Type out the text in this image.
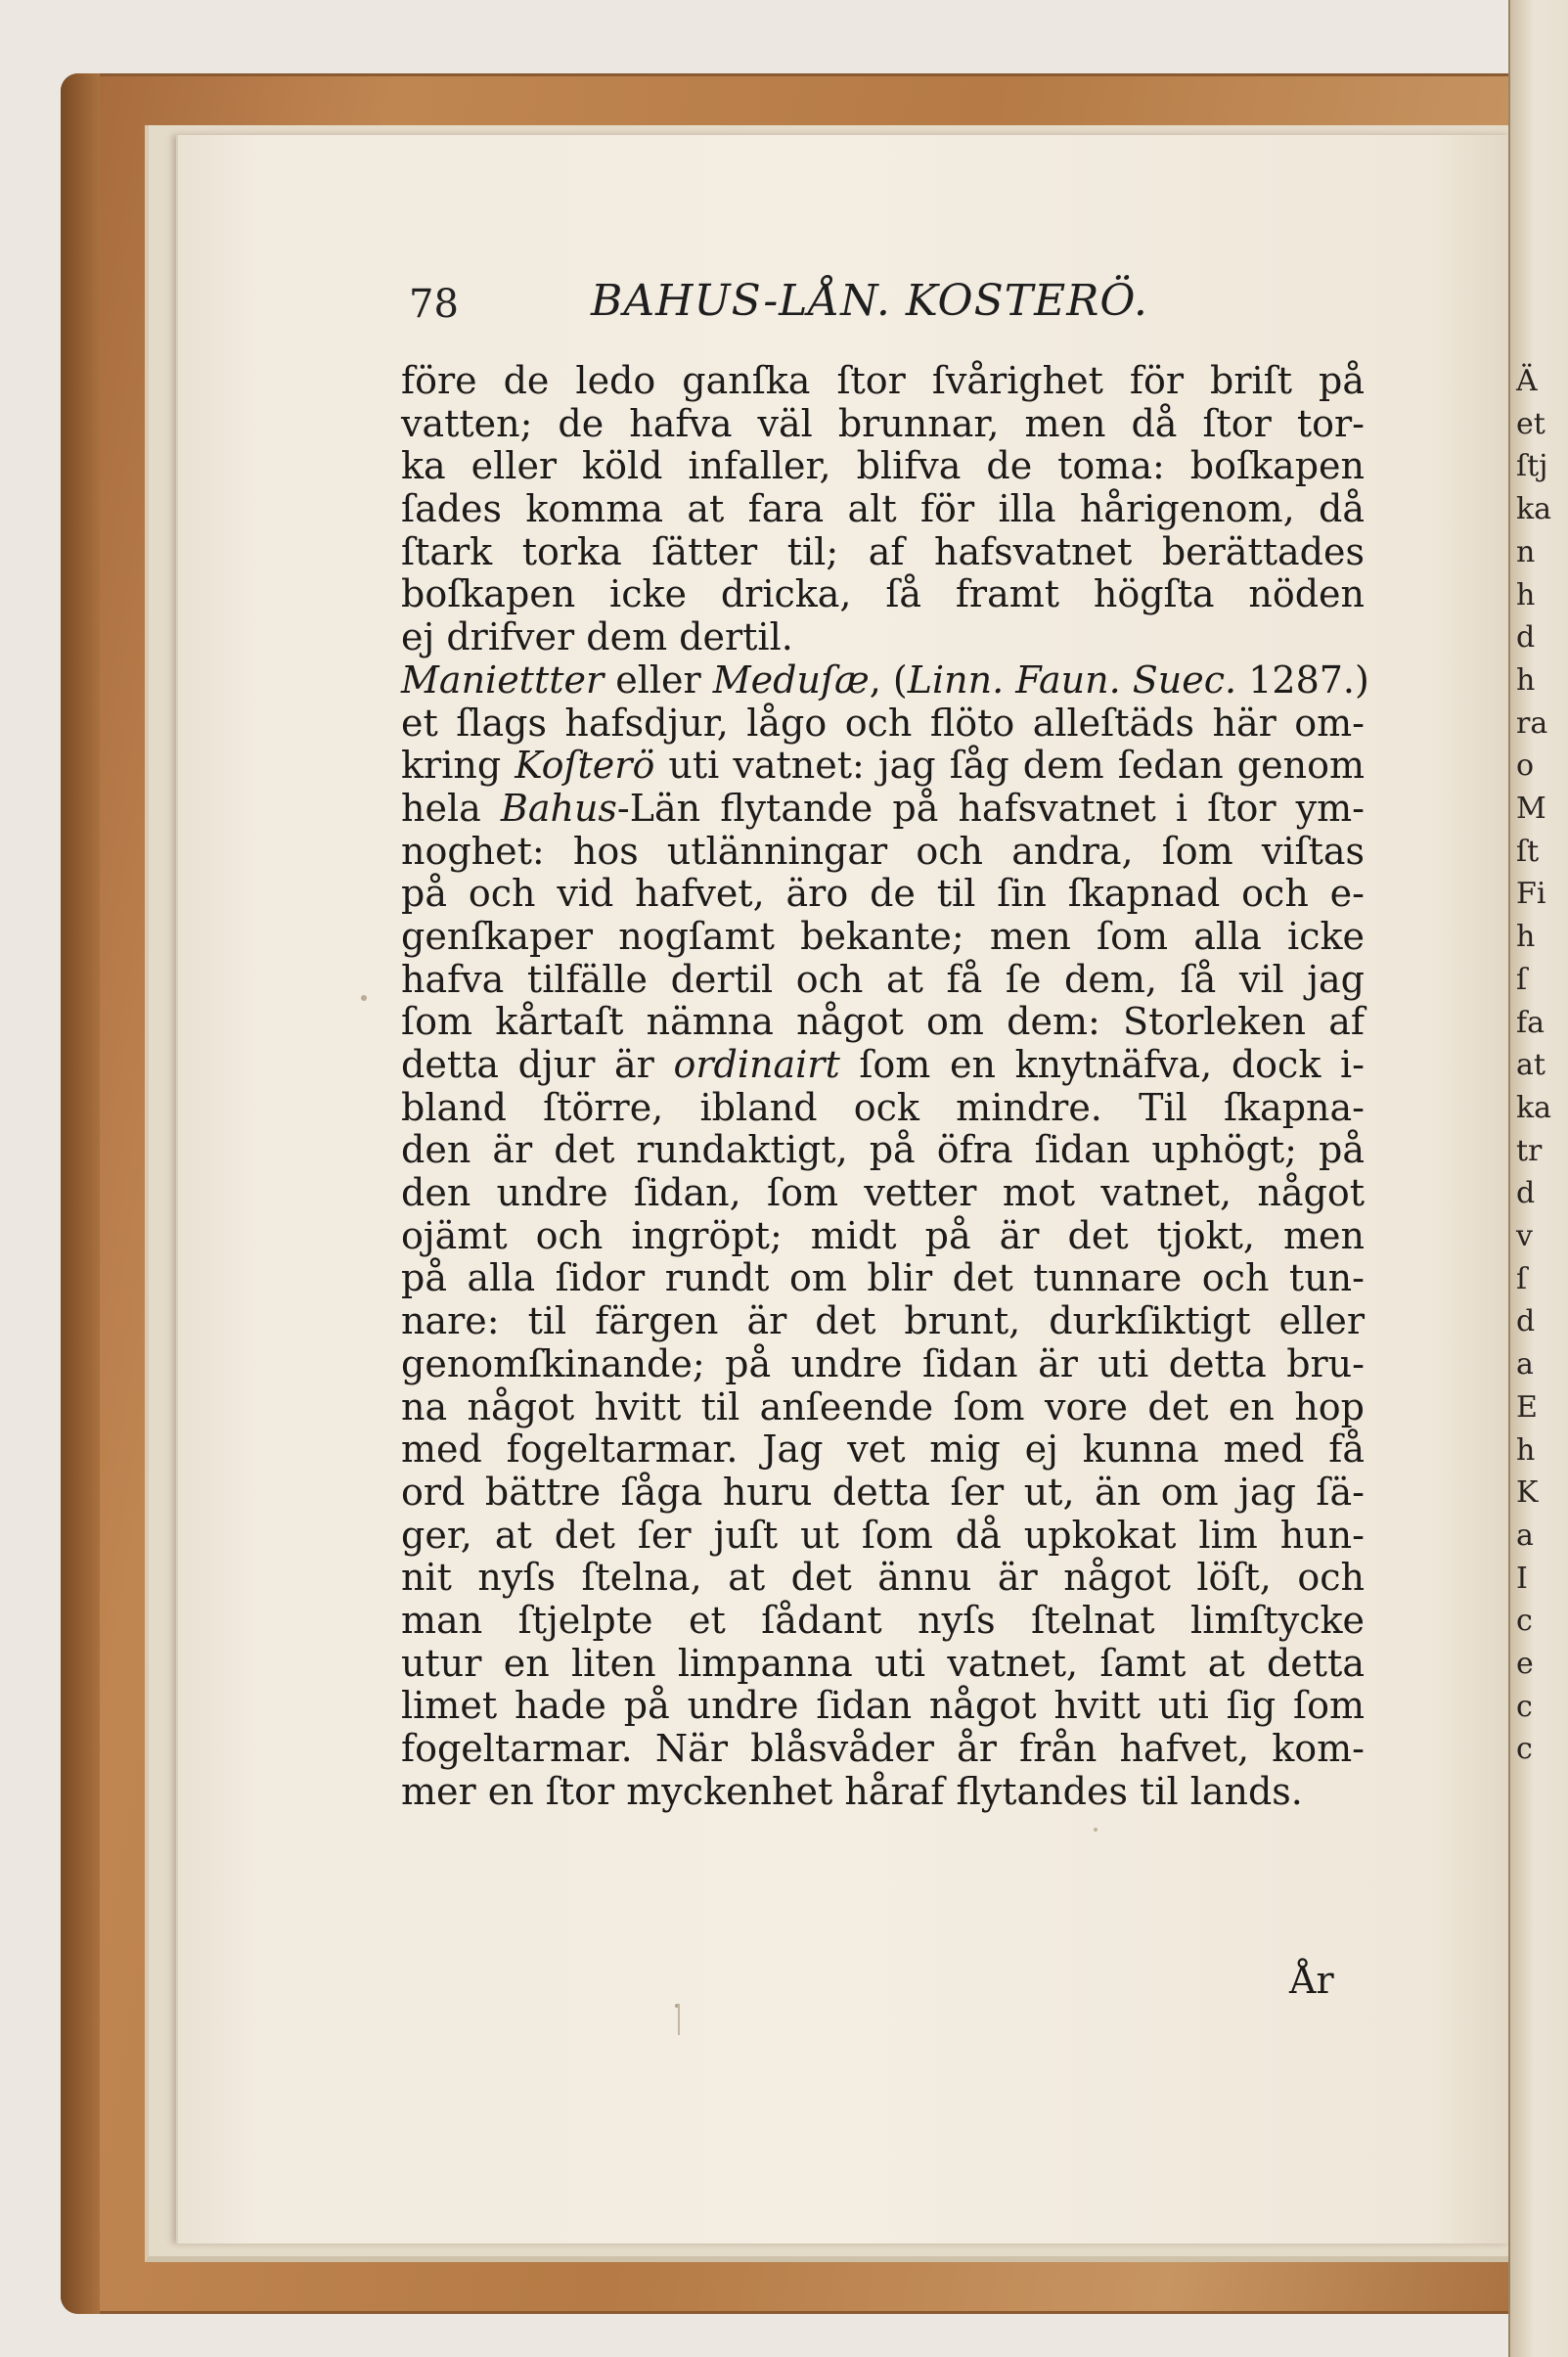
Ä
et
ſtj
ka
n
h
d
h
ra
o
M
ſt
Fi
h
ſ
fa
at
ka
tr
d
v
ſ
d
a
E
h
K
a
I
c
e
c
c
78	BAHUS-LÅN. KOSTERÖ.
före de ledo ganſka ſtor ſvårighet för briſt på
vatten; de hafva väl brunnar, men då ſtor tor-
ka eller köld infaller, blifva de toma: boſkapen
ſades komma at fara alt för illa hårigenom, då
ſtark torka ſätter til; af hafsvatnet berättades
boſkapen icke dricka, ſå framt högſta nöden
ej drifver dem dertil.
Maniettter eller Meduſæ, (Linn. Faun. Suec. 1287.)
et ſlags hafsdjur, lågo och flöto alleſtäds här om-
kring Koſterö uti vatnet: jag ſåg dem ſedan genom
hela Bahus-Län flytande på hafsvatnet i ſtor ym-
noghet: hos utlänningar och andra, ſom viſtas
på och vid hafvet, äro de til ſin ſkapnad och e-
genſkaper nogſamt bekante; men ſom alla icke
hafva tilfälle dertil och at få ſe dem, ſå vil jag
ſom kårtaſt nämna något om dem: Storleken af
detta djur är ordinairt ſom en knytnäfva, dock i-
bland ſtörre, ibland ock mindre. Til ſkapna-
den är det rundaktigt, på öfra ſidan uphögt; på
den undre ſidan, ſom vetter mot vatnet, något
ojämt och ingröpt; midt på är det tjokt, men
på alla ſidor rundt om blir det tunnare och tun-
nare: til färgen är det brunt, durkſiktigt eller
genomſkinande; på undre ſidan är uti detta bru-
na något hvitt til anſeende ſom vore det en hop
med fogeltarmar. Jag vet mig ej kunna med få
ord bättre ſåga huru detta ſer ut, än om jag ſä-
ger, at det ſer juſt ut ſom då upkokat lim hun-
nit nyſs ſtelna, at det ännu är något löſt, och
man ſtjelpte et ſådant nyſs ſtelnat limſtycke
utur en liten limpanna uti vatnet, ſamt at detta
limet hade på undre ſidan något hvitt uti ſig ſom
fogeltarmar. När blåsvåder år från hafvet, kom-
mer en ſtor myckenhet håraf flytandes til lands.
År
